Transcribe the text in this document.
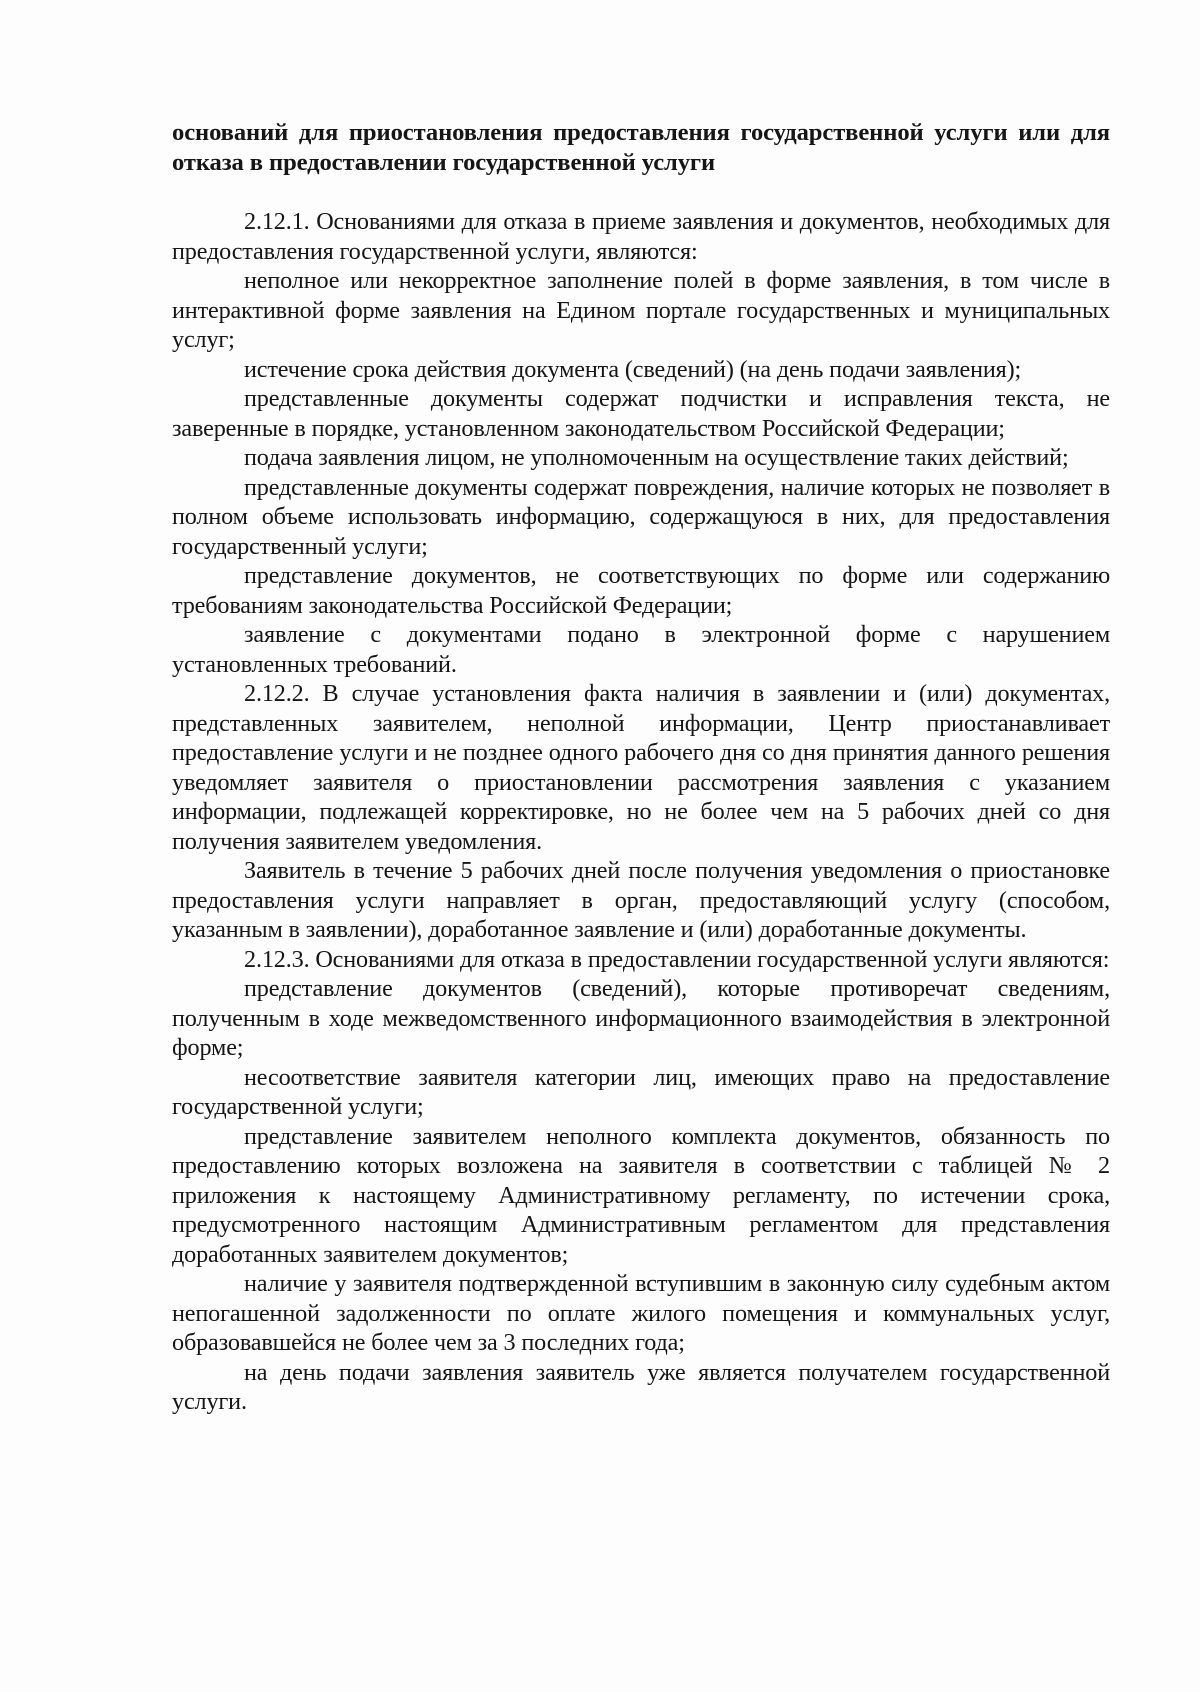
оснований для приостановления предоставления государственной услуги или для отказа в предоставлении государственной услуги

2.12.1. Основаниями для отказа в приеме заявления и документов, необходимых для предоставления государственной услуги, являются:

неполное или некорректное заполнение полей в форме заявления, в том числе в интерактивной форме заявления на Едином портале государственных и муниципальных услуг;

истечение срока действия документа (сведений) (на день подачи заявления);

представленные документы содержат подчистки и исправления текста, не заверенные в порядке, установленном законодательством Российской Федерации;

подача заявления лицом, не уполномоченным на осуществление таких действий;

представленные документы содержат повреждения, наличие которых не позволяет в полном объеме использовать информацию, содержащуюся в них, для предоставления государственный услуги;

представление документов, не соответствующих по форме или содержанию требованиям законодательства Российской Федерации;

заявление с документами подано в электронной форме с нарушением установленных требований.

2.12.2. В случае установления факта наличия в заявлении и (или) документах, представленных заявителем, неполной информации, Центр приостанавливает предоставление услуги и не позднее одного рабочего дня со дня принятия данного решения уведомляет заявителя о приостановлении рассмотрения заявления с указанием информации, подлежащей корректировке, но не более чем на 5 рабочих дней со дня получения заявителем уведомления.

Заявитель в течение 5 рабочих дней после получения уведомления о приостановке предоставления услуги направляет в орган, предоставляющий услугу (способом, указанным в заявлении), доработанное заявление и (или) доработанные документы.

2.12.3. Основаниями для отказа в предоставлении государственной услуги являются:

представление документов (сведений), которые противоречат сведениям, полученным в ходе межведомственного информационного взаимодействия в электронной форме;

несоответствие заявителя категории лиц, имеющих право на предоставление государственной услуги;

представление заявителем неполного комплекта документов, обязанность по предоставлению которых возложена на заявителя в соответствии с таблицей № 2 приложения к настоящему Административному регламенту, по истечении срока, предусмотренного настоящим Административным регламентом для представления доработанных заявителем документов;

наличие у заявителя подтвержденной вступившим в законную силу судебным актом непогашенной задолженности по оплате жилого помещения и коммунальных услуг, образовавшейся не более чем за 3 последних года;

на день подачи заявления заявитель уже является получателем государственной услуги.
